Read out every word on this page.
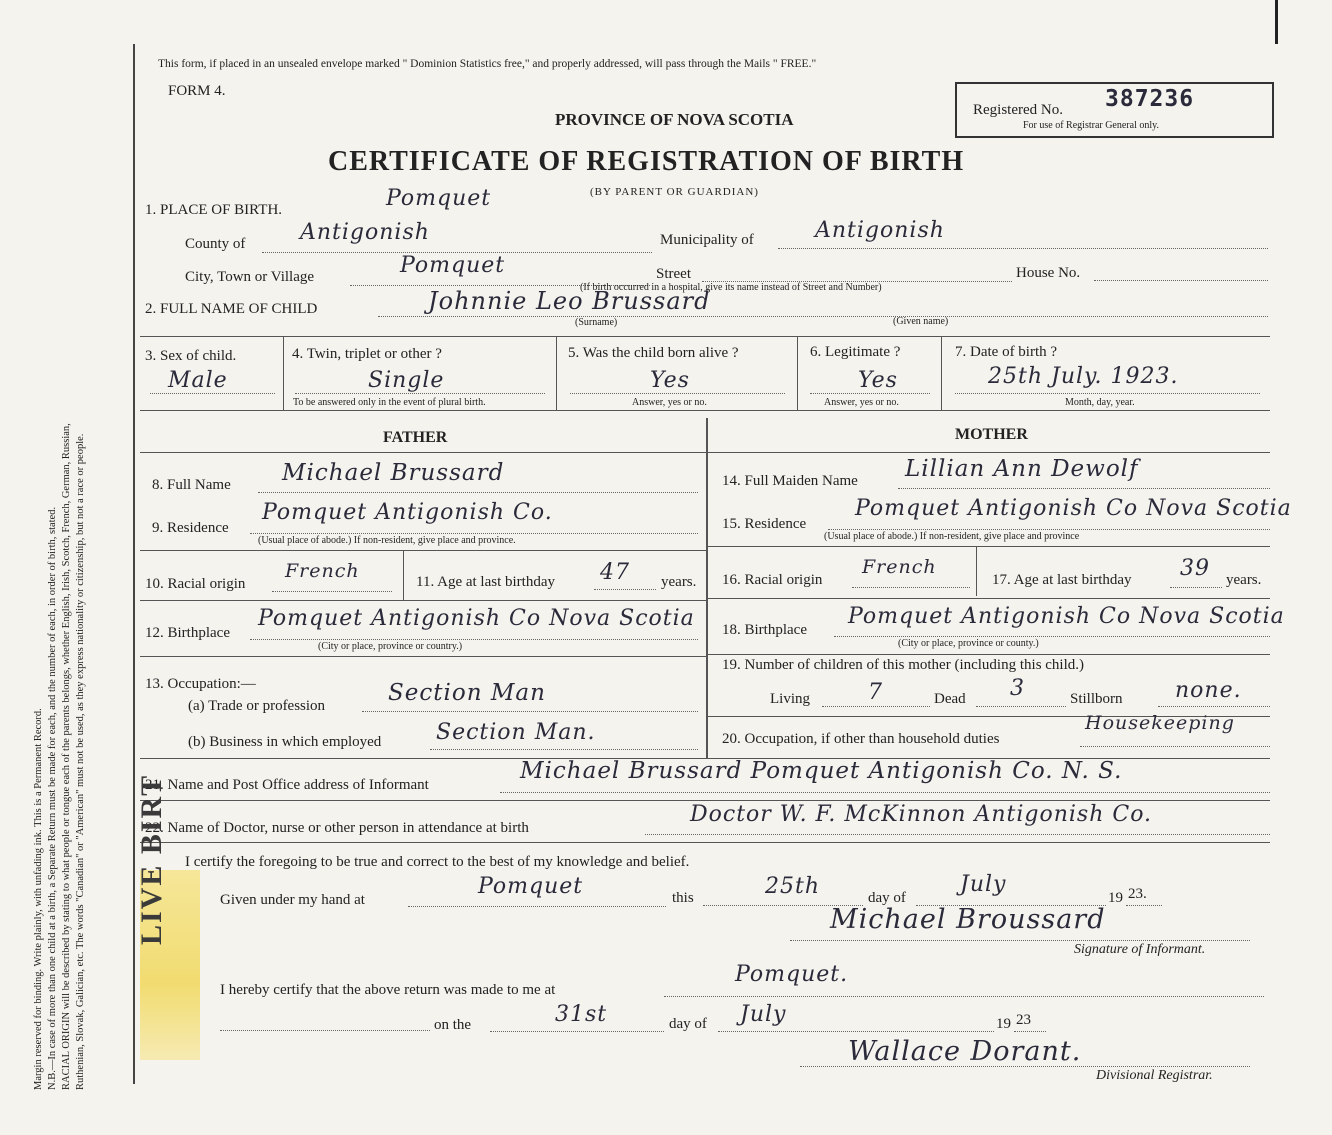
Margin reserved for binding. Write plainly, with unfading ink. This is a Permanent Record. N.B.—In case of more than one child at a birth, a Separate Return must be made for each, and the number of each, in order of birth, stated. RACIAL ORIGIN will be described by stating to what people or tongue each of the parents belongs, whether English, Irish, Scotch, French, German, Russian, Ruthenian, Slovak, Galician, etc. The words "Canadian" or "American" must not be used, as they express nationality or citizenship, but not a race or people.
This form, if placed in an unsealed envelope marked " Dominion Statistics free," and properly addressed, will pass through the Mails " FREE."
FORM 4.
PROVINCE OF NOVA SCOTIA
CERTIFICATE OF REGISTRATION OF BIRTH
(BY PARENT OR GUARDIAN)
Registered No. 387236
For use of Registrar General only.
1. PLACE OF BIRTH.	Pomquet
County of Antigonish	Municipality of	Antigonish
City, Town or Village	Pomquet	Street	House No.
(If birth occurred in a hospital, give its name instead of Street and Number)
2. FULL NAME OF CHILD	Johnnie Leo Brussard
(Surname)	(Given name)
3. Sex of child.
Male
4. Twin, triplet or other ?
Single
To be answered only in the event of plural birth.
5. Was the child born alive ?
Yes
Answer, yes or no.
6. Legitimate ?
Yes
Answer, yes or no.
7. Date of birth ?
25th July. 1923.
Month, day, year.
FATHER	MOTHER
8. Full Name Michael Brussard
9. Residence
Pomquet Antigonish Co.
(Usual place of abode.) If non-resident, give place and province.
10. Racial origin
French	11. Age at last birthday 47 years.
12. Birthplace
Pomquet Antigonish Co Nova Scotia
(City or place, province or country.)
13. Occupation:—
(a) Trade or profession	Section Man
(b) Business in which employed Section Man.
14. Full Maiden Name Lillian Ann Dewolf
15. Residence
Pomquet Antigonish Co Nova Scotia
(Usual place of abode.) If non-resident, give place and province
16. Racial origin
French
17. Age at last birthday 39 years.
18. Birthplace
Pomquet Antigonish Co Nova Scotia
(City or place, province or county.)
19. Number of children of this mother (including this child.)
Living	7	Dead 3	Stillborn none.
20. Occupation, if other than household duties
Housekeeping
21. Name and Post Office address of Informant
Michael Brussard Pomquet Antigonish Co. N. S.
22. Name of Doctor, nurse or other person in attendance at birth
Doctor W. F. McKinnon Antigonish Co.
LIVE BIRT I certify the foregoing to be true and correct to the best of my knowledge and belief.
Given under my hand at
Pomquet	this	25th	day of
July
19 23.
Michael Broussard
Signature of Informant.
I hereby certify that the above return was made to me at
Pomquet.
on the	31st	day of July	19 23
Wallace Dorant.
Divisional Registrar.
